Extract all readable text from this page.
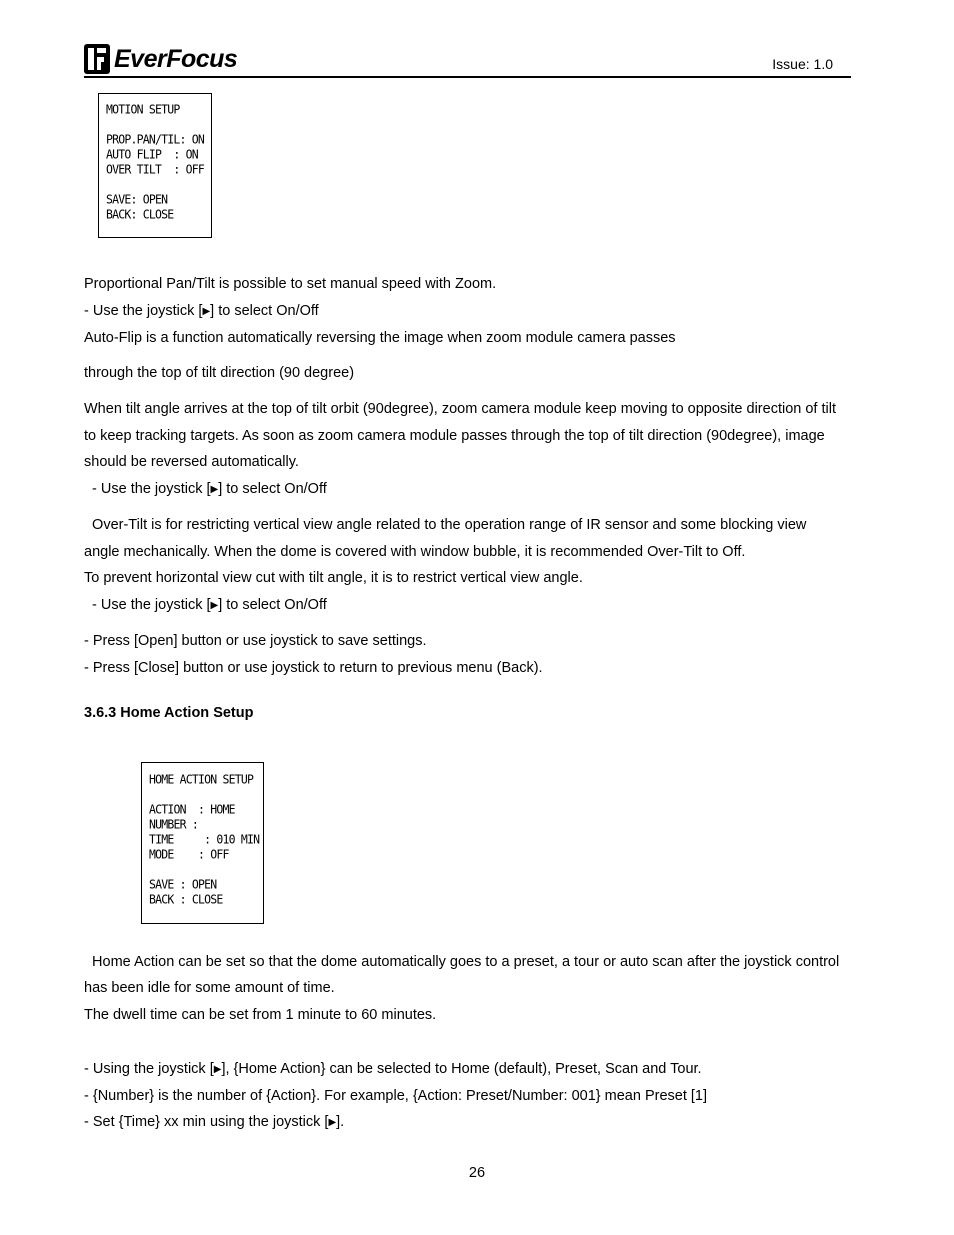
EverFocus	Issue: 1.0
MOTION SETUP
PROP.PAN/TIL: ON
AUTO FLIP  : ON
OVER TILT  : OFF
SAVE: OPEN
BACK: CLOSE
Proportional Pan/Tilt is possible to set manual speed with Zoom.
- Use the joystick [▶] to select On/Off
Auto-Flip is a function automatically reversing the image when zoom module camera passes
through the top of tilt direction (90 degree)
When tilt angle arrives at the top of tilt orbit (90degree), zoom camera module keep moving to opposite direction of tilt
to keep tracking targets. As soon as zoom camera module passes through the top of tilt direction (90degree), image
should be reversed automatically.
- Use the joystick [▶] to select On/Off
Over-Tilt is for restricting vertical view angle related to the operation range of IR sensor and some blocking view
angle mechanically. When the dome is covered with window bubble, it is recommended Over-Tilt to Off.
To prevent horizontal view cut with tilt angle, it is to restrict vertical view angle.
- Use the joystick [▶] to select On/Off
- Press [Open] button or use joystick to save settings.
- Press [Close] button or use joystick to return to previous menu (Back).
3.6.3 Home Action Setup
HOME ACTION SETUP
ACTION  : HOME
NUMBER :
TIME     : 010 MIN
MODE    : OFF
SAVE : OPEN
BACK : CLOSE
Home Action can be set so that the dome automatically goes to a preset, a tour or auto scan after the joystick control
has been idle for some amount of time.
The dwell time can be set from 1 minute to 60 minutes.
- Using the joystick [▶], {Home Action} can be selected to Home (default), Preset, Scan and Tour.
- {Number} is the number of {Action}. For example, {Action: Preset/Number: 001} mean Preset [1]
- Set {Time} xx min using the joystick [▶].
26
